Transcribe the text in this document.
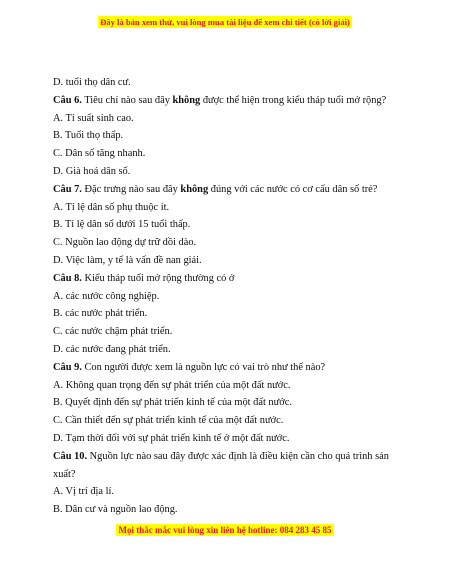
Đây là bản xem thử, vui lòng mua tài liệu để xem chi tiết (có lời giải)
D. tuổi thọ dân cư.
Câu 6. Tiêu chí nào sau đây không được thể hiện trong kiểu tháp tuổi mở rộng?
A. Tỉ suất sinh cao.
B. Tuổi thọ thấp.
C. Dân số tăng nhanh.
D. Già hoá dân số.
Câu 7. Đặc trưng nào sau đây không đúng với các nước có cơ cấu dân số trẻ?
A. Tỉ lệ dân số phụ thuộc ít.
B. Tỉ lệ dân số dưới 15 tuổi thấp.
C. Nguồn lao động dự trữ dồi dào.
D. Việc làm, y tế là vấn đề nan giải.
Câu 8. Kiểu tháp tuổi mở rộng thường có ở
A. các nước công nghiệp.
B. các nước phát triển.
C. các nước chậm phát triển.
D. các nước đang phát triển.
Câu 9. Con người được xem là nguồn lực có vai trò như thế nào?
A. Không quan trọng đến sự phát triển của một đất nước.
B. Quyết định đến sự phát triển kinh tế của một đất nước.
C. Cần thiết đến sự phát triển kinh tế của một đất nước.
D. Tạm thời đối với sự phát triển kinh tế ở một đất nước.
Câu 10. Nguồn lực nào sau đây được xác định là điều kiện cần cho quá trình sản xuất?
A. Vị trí địa lí.
B. Dân cư và nguồn lao động.
Mọi thắc mắc vui lòng xin liên hệ hotline: 084 283 45 85
